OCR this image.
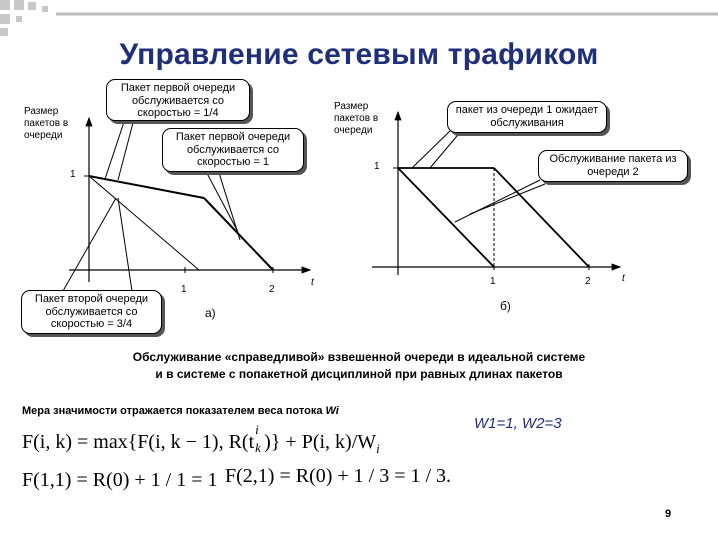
Управление сетевым трафиком
Размер пакетов в очереди
1
1	2
t
а)
Пакет первой очереди обслуживается со скоростью = 1/4
Пакет первой очереди обслуживается со скоростью = 1
Пакет второй очереди обслуживается со скоростью = 3/4
Размер пакетов в очереди
1
1	2	t
б)
пакет из очереди 1 ожидает обслуживания
Обслуживание пакета из очереди 2
Обслуживание «справедливой» взвешенной очереди в идеальной системе
и в системе с попакетной дисциплиной при равных длинах пакетов
Мера значимости отражается показателем веса потока Wi
F(i, k) = max{F(i, k − 1), R(t
i
k )} + P(i, $k)/W_i$
F(1,1) = R(0) + 1 / 1 = 1 F(2,1) = R(0) + 1 / 3 = 1 / 3.
W1=1, W2=3
9
